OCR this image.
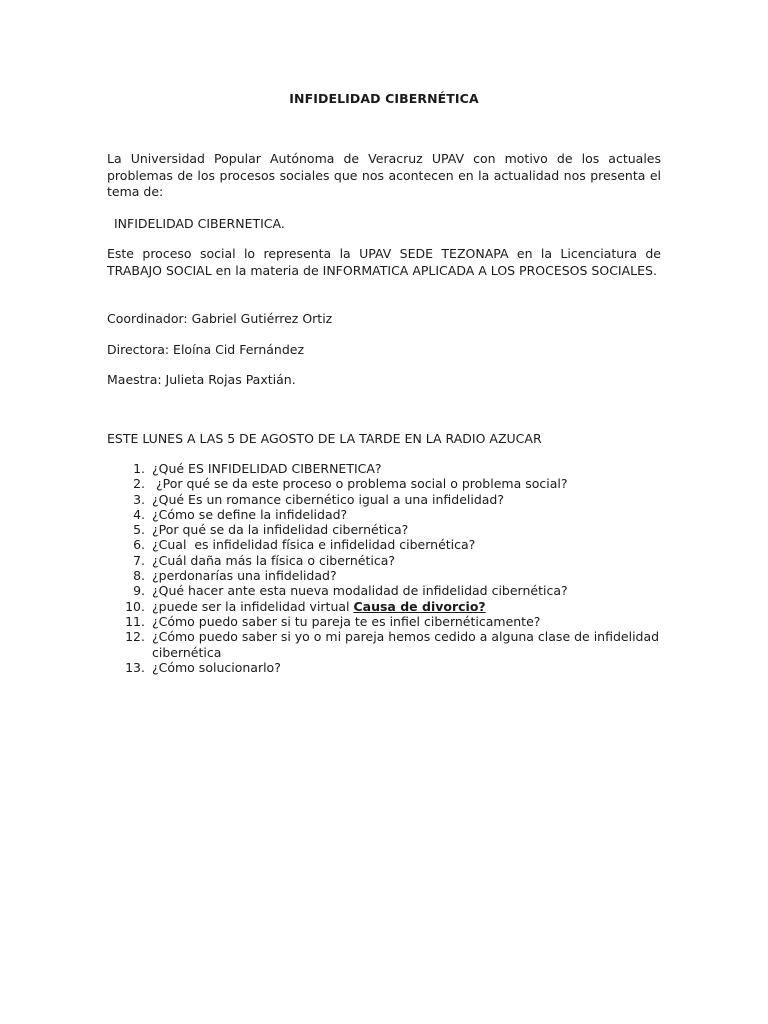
INFIDELIDAD CIBERNÉTICA
La Universidad Popular Autónoma de Veracruz UPAV con motivo de los actuales problemas de los procesos sociales que nos acontecen en la actualidad nos presenta el tema de:
INFIDELIDAD CIBERNETICA.
Este proceso social lo representa la UPAV SEDE TEZONAPA en la Licenciatura de TRABAJO SOCIAL en la materia de INFORMATICA APLICADA A LOS PROCESOS SOCIALES.
Coordinador: Gabriel Gutiérrez Ortiz
Directora: Eloína Cid Fernández
Maestra: Julieta Rojas Paxtián.
ESTE LUNES A LAS 5 DE AGOSTO DE LA TARDE EN LA RADIO AZUCAR
1. ¿Qué ES INFIDELIDAD CIBERNETICA?
2. ¿Por qué se da este proceso o problema social o problema social?
3. ¿Qué Es un romance cibernético igual a una infidelidad?
4. ¿Cómo se define la infidelidad?
5. ¿Por qué se da la infidelidad cibernética?
6. ¿Cual  es infidelidad física e infidelidad cibernética?
7. ¿Cuál daña más la física o cibernética?
8. ¿perdonarías una infidelidad?
9. ¿Qué hacer ante esta nueva modalidad de infidelidad cibernética?
10. ¿puede ser la infidelidad virtual Causa de divorcio?
11. ¿Cómo puedo saber si tu pareja te es infiel cibernéticamente?
12. ¿Cómo puedo saber si yo o mi pareja hemos cedido a alguna clase de infidelidad cibernética
13. ¿Cómo solucionarlo?
